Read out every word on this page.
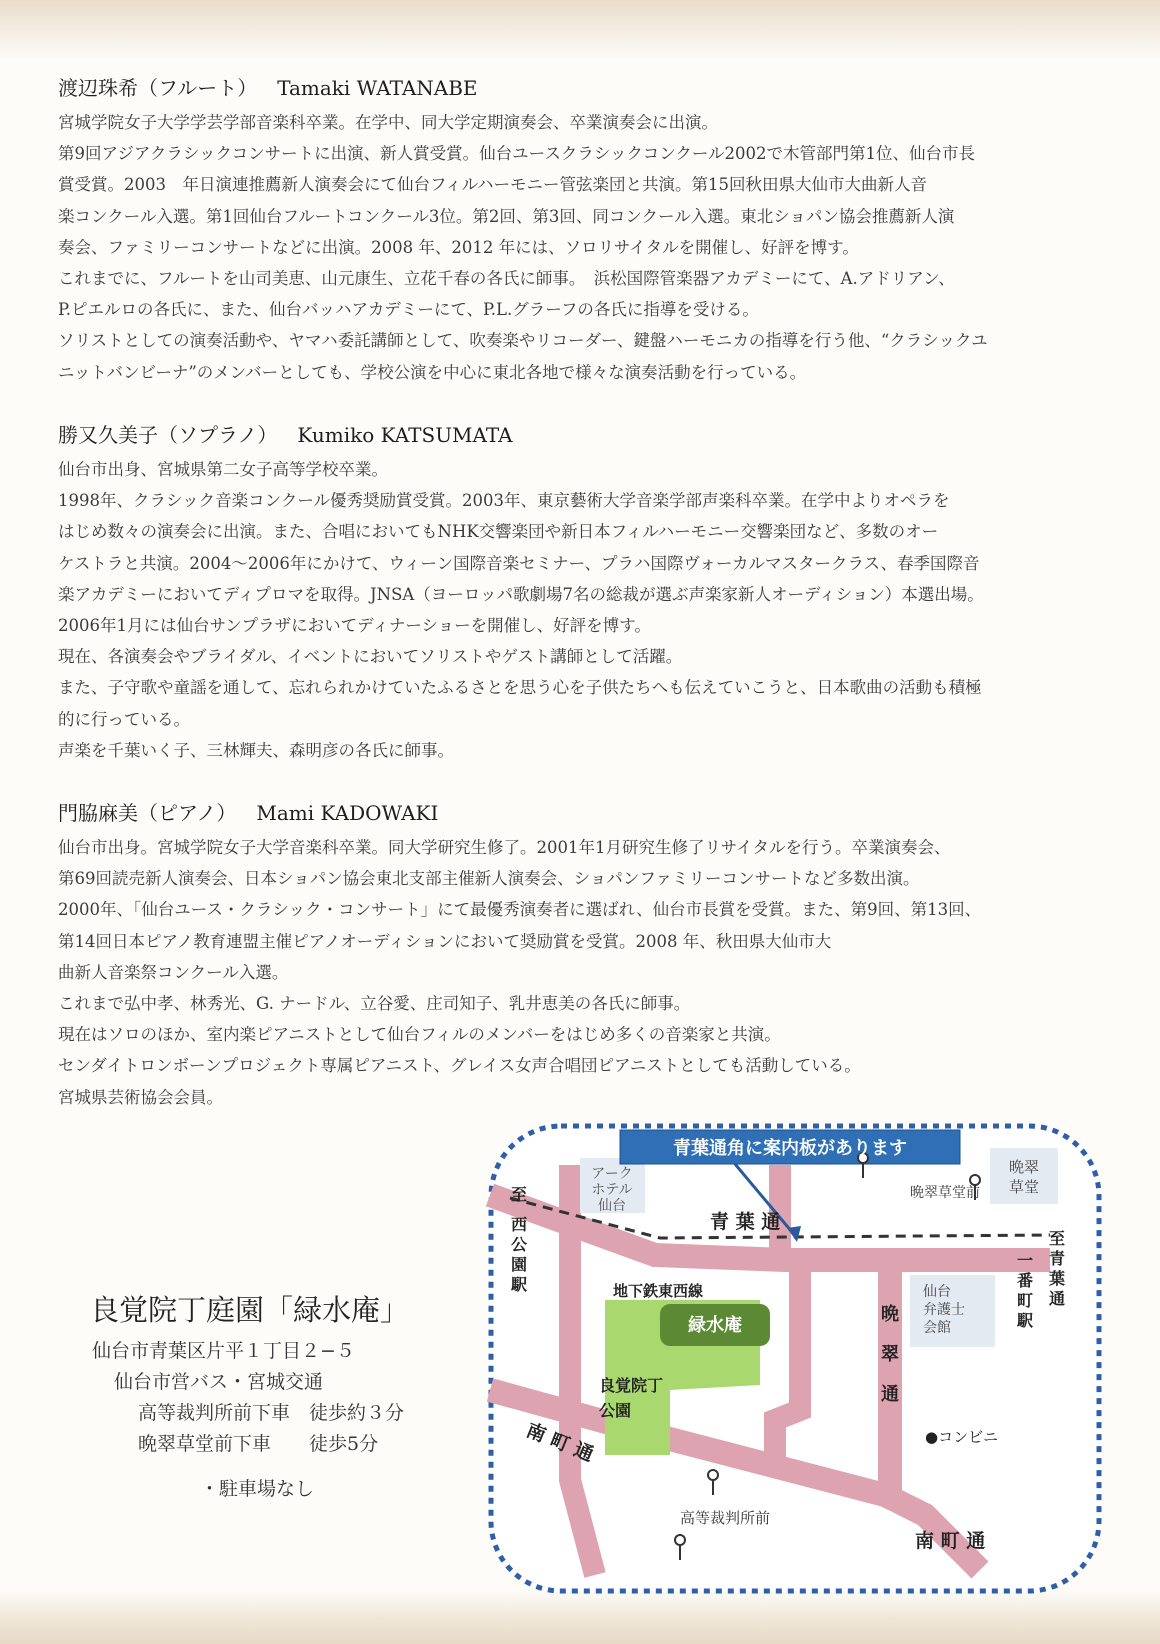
渡辺珠希（フルート） Tamaki WATANABE

宮城学院女子大学学芸学部音楽科卒業。在学中、同大学定期演奏会、卒業演奏会に出演。

第9回アジアクラシックコンサートに出演、新人賞受賞。仙台ユースクラシックコンクール2002で木管部門第1位、仙台市長

賞受賞。2003　年日演連推薦新人演奏会にて仙台フィルハーモニー管弦楽団と共演。第15回秋田県大仙市大曲新人音

楽コンクール入選。第1回仙台フルートコンクール3位。第2回、第3回、同コンクール入選。東北ショパン協会推薦新人演

奏会、ファミリーコンサートなどに出演。2008 年、2012 年には、ソロリサイタルを開催し、好評を博す。

これまでに、フルートを山司美恵、山元康生、立花千春の各氏に師事。　浜松国際管楽器アカデミーにて、A.アドリアン、

P.ピエルロの各氏に、また、仙台バッハアカデミーにて、P.L.グラーフの各氏に指導を受ける。

ソリストとしての演奏活動や、ヤマハ委託講師として、吹奏楽やリコーダー、鍵盤ハーモニカの指導を行う他、“クラシックユ

ニットバンビーナ”のメンバーとしても、学校公演を中心に東北各地で様々な演奏活動を行っている。

勝又久美子（ソプラノ） Kumiko KATSUMATA

仙台市出身、宮城県第二女子高等学校卒業。

1998年、クラシック音楽コンクール優秀奨励賞受賞。2003年、東京藝術大学音楽学部声楽科卒業。在学中よりオペラを

はじめ数々の演奏会に出演。また、合唱においてもNHK交響楽団や新日本フィルハーモニー交響楽団など、多数のオー

ケストラと共演。2004～2006年にかけて、ウィーン国際音楽セミナー、プラハ国際ヴォーカルマスタークラス、春季国際音

楽アカデミーにおいてディプロマを取得。JNSA（ヨーロッパ歌劇場7名の総裁が選ぶ声楽家新人オーディション）本選出場。

2006年1月には仙台サンプラザにおいてディナーショーを開催し、好評を博す。

現在、各演奏会やブライダル、イベントにおいてソリストやゲスト講師として活躍。

また、子守歌や童謡を通して、忘れられかけていたふるさとを思う心を子供たちへも伝えていこうと、日本歌曲の活動も積極

的に行っている。

声楽を千葉いく子、三林輝夫、森明彦の各氏に師事。

門脇麻美（ピアノ） Mami KADOWAKI

仙台市出身。宮城学院女子大学音楽科卒業。同大学研究生修了。2001年1月研究生修了リサイタルを行う。卒業演奏会、

第69回読売新人演奏会、日本ショパン協会東北支部主催新人演奏会、ショパンファミリーコンサートなど多数出演。

2000年、「仙台ユース・クラシック・コンサート」にて最優秀演奏者に選ばれ、仙台市長賞を受賞。また、第9回、第13回、

第14回日本ピアノ教育連盟主催ピアノオーディションにおいて奨励賞を受賞。2008 年、秋田県大仙市大

曲新人音楽祭コンクール入選。

これまで弘中孝、林秀光、G. ナードル、立谷愛、庄司知子、乳井恵美の各氏に師事。

現在はソロのほか、室内楽ピアニストとして仙台フィルのメンバーをはじめ多くの音楽家と共演。

センダイトロンボーンプロジェクト専属ピアニスト、グレイス女声合唱団ピアニストとしても活動している。

宮城県芸術協会会員。

良覚院丁庭園「緑水庵」

仙台市青葉区片平１丁目２−５

仙台市営バス・宮城交通

高等裁判所前下車　徒歩約３分

晩翠草堂前下車　　徒歩5分

・駐車場なし

青葉通角に案内板があります
アーク
ホテル
仙台
晩翠
草堂
青 葉 通
晩翠草堂前
地下鉄東西線
至
西
公
園
駅
至
青
葉
通
一
番
町
駅
緑水庵
良覚院丁
公園
晩
翠
通
仙台
弁護士
会館
●コンビニ
南 町 通
高等裁判所前
南 町 通
